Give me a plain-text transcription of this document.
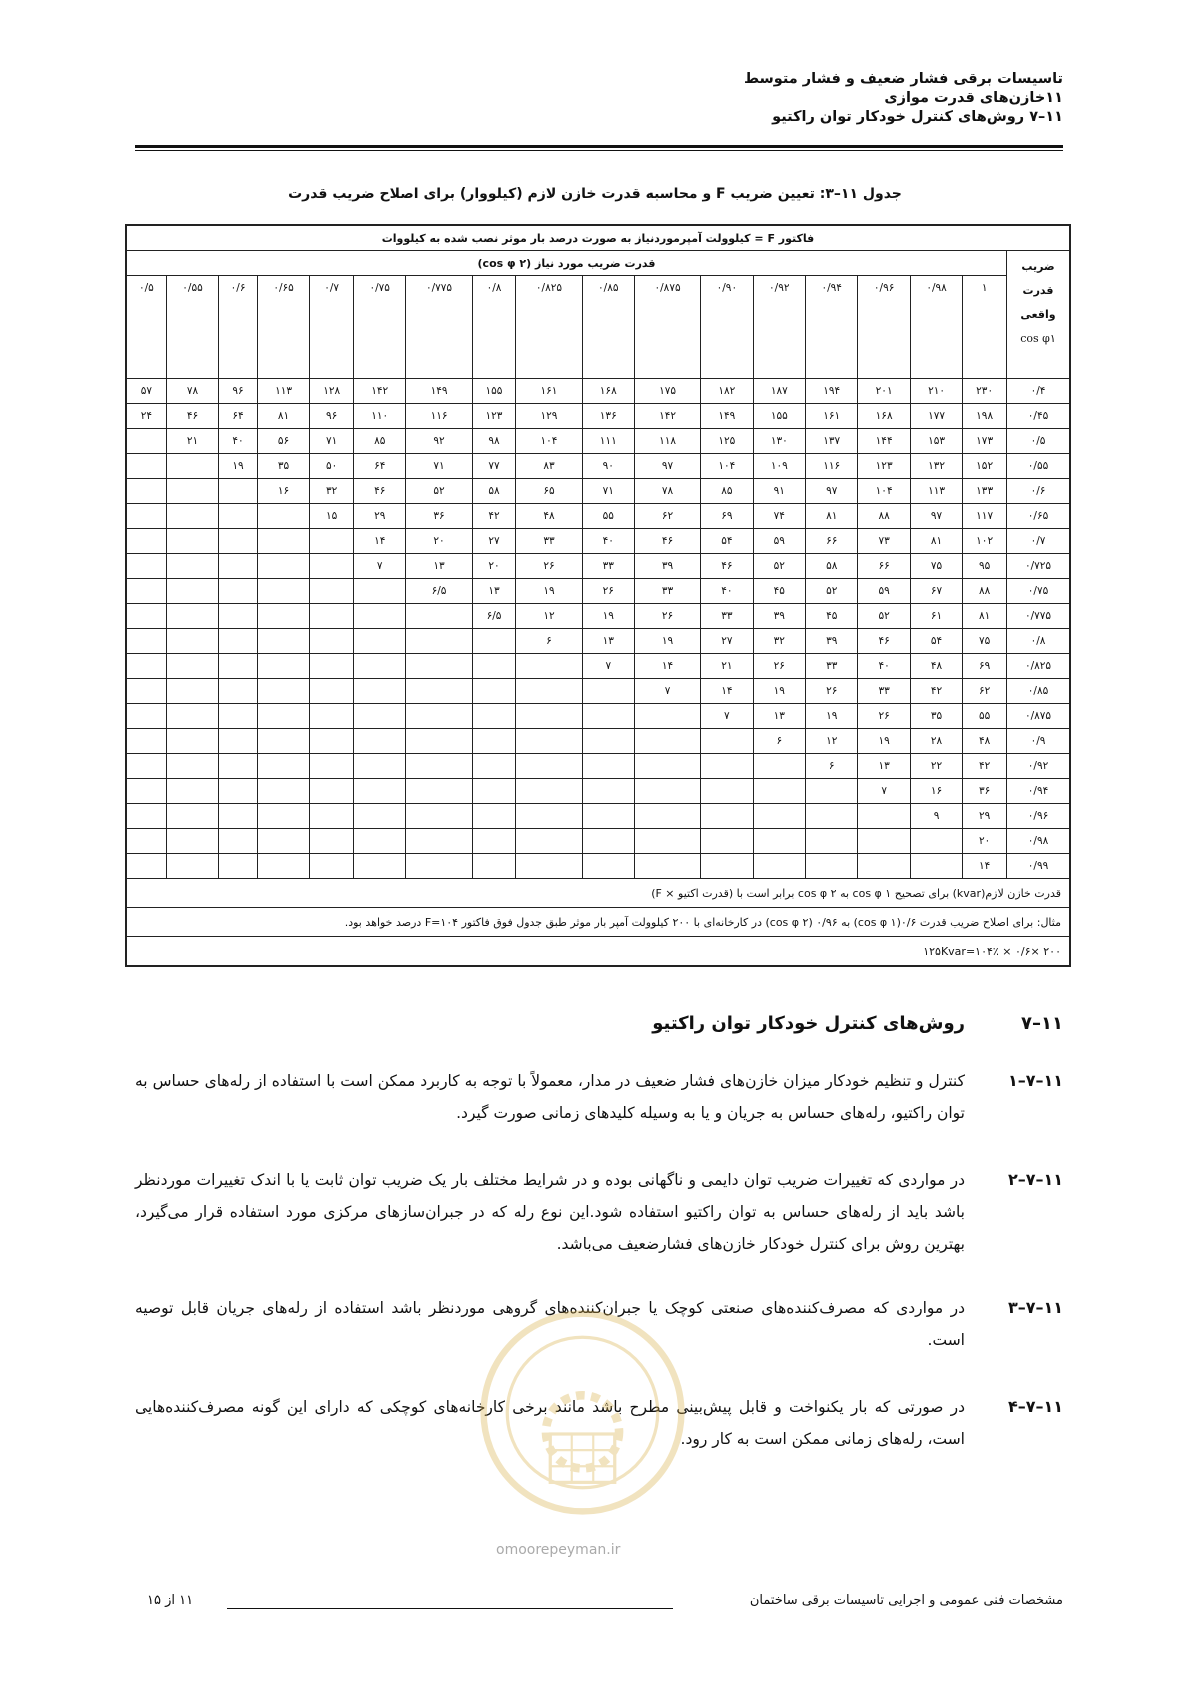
تاسیسات برقی فشار ضعیف و فشار متوسط
۱۱خازن‌های قدرت موازی
۱۱–۷ روش‌های کنترل خودکار توان راکتیو
جدول ۱۱–۳: تعیین ضریب F و محاسبه قدرت خازن لازم (کیلووار) برای اصلاح ضریب قدرت
فاکتور F = کیلوولت آمپرموردنیاز به صورت درصد بار موثر نصب شده به کیلووات																	

ضریب
قدرت
واقعی
cos φ۱	قدرت ضریب مورد نیاز (cos φ ۲)																
	۱	۰/۹۸	۰/۹۶	۰/۹۴	۰/۹۲	۰/۹۰	۰/۸۷۵	۰/۸۵	۰/۸۲۵	۰/۸	۰/۷۷۵	۰/۷۵	۰/۷	۰/۶۵	۰/۶	۰/۵۵	۰/۵
۰/۴	۲۳۰	۲۱۰	۲۰۱	۱۹۴	۱۸۷	۱۸۲	۱۷۵	۱۶۸	۱۶۱	۱۵۵	۱۴۹	۱۴۲	۱۲۸	۱۱۳	۹۶	۷۸	۵۷
۰/۴۵	۱۹۸	۱۷۷	۱۶۸	۱۶۱	۱۵۵	۱۴۹	۱۴۲	۱۳۶	۱۲۹	۱۲۳	۱۱۶	۱۱۰	۹۶	۸۱	۶۴	۴۶	۲۴
۰/۵	۱۷۳	۱۵۳	۱۴۴	۱۳۷	۱۳۰	۱۲۵	۱۱۸	۱۱۱	۱۰۴	۹۸	۹۲	۸۵	۷۱	۵۶	۴۰	۲۱	
۰/۵۵	۱۵۲	۱۳۲	۱۲۳	۱۱۶	۱۰۹	۱۰۴	۹۷	۹۰	۸۳	۷۷	۷۱	۶۴	۵۰	۳۵	۱۹		
۰/۶	۱۳۳	۱۱۳	۱۰۴	۹۷	۹۱	۸۵	۷۸	۷۱	۶۵	۵۸	۵۲	۴۶	۳۲	۱۶			
۰/۶۵	۱۱۷	۹۷	۸۸	۸۱	۷۴	۶۹	۶۲	۵۵	۴۸	۴۲	۳۶	۲۹	۱۵				
۰/۷	۱۰۲	۸۱	۷۳	۶۶	۵۹	۵۴	۴۶	۴۰	۳۳	۲۷	۲۰	۱۴					
۰/۷۲۵	۹۵	۷۵	۶۶	۵۸	۵۲	۴۶	۳۹	۳۳	۲۶	۲۰	۱۳	۷					
۰/۷۵	۸۸	۶۷	۵۹	۵۲	۴۵	۴۰	۳۳	۲۶	۱۹	۱۳	۶/۵						
۰/۷۷۵	۸۱	۶۱	۵۲	۴۵	۳۹	۳۳	۲۶	۱۹	۱۲	۶/۵							
۰/۸	۷۵	۵۴	۴۶	۳۹	۳۲	۲۷	۱۹	۱۳	۶								
۰/۸۲۵	۶۹	۴۸	۴۰	۳۳	۲۶	۲۱	۱۴	۷									
۰/۸۵	۶۲	۴۲	۳۳	۲۶	۱۹	۱۴	۷										
۰/۸۷۵	۵۵	۳۵	۲۶	۱۹	۱۳	۷											
۰/۹	۴۸	۲۸	۱۹	۱۲	۶												
۰/۹۲	۴۲	۲۲	۱۳	۶													
۰/۹۴	۳۶	۱۶	۷														
۰/۹۶	۲۹	۹															
۰/۹۸	۲۰																
۰/۹۹	۱۴																
قدرت خازن لازم(kvar) برای تصحیح cos φ ۱ به cos φ ۲ برابر است با (قدرت اکتیو × F)																	
مثال: برای اصلاح ضریب قدرت ۰/۶(cos φ ۱) به ۰/۹۶ (cos φ ۲) در کارخانه‌ای با ۲۰۰ کیلوولت آمپر بار موثر طبق جدول فوق فاکتور F=۱۰۴ درصد خواهد بود.																	
۲۰۰ ×۰/۶ × ۱۰۴٪=۱۲۵Kvar																	
۱۱–۷
روش‌های کنترل خودکار توان راکتیو
۱۱–۷–۱
کنترل و تنظیم خودکار میزان خازن‌های فشار ضعیف در مدار، معمولاً با توجه به کاربرد ممکن است با استفاده از رله‌های حساس به توان راکتیو، رله‌های حساس به جریان و یا به وسیله کلیدهای زمانی صورت گیرد.
۱۱–۷–۲
در مواردی که تغییرات ضریب توان دایمی و ناگهانی بوده و در شرایط مختلف بار یک ضریب توان ثابت یا با اندک تغییرات مورد‌نظر باشد باید از رله‌های حساس به توان راکتیو استفاده شود.این نوع رله که در جبران‌سازهای مرکزی مورد استفاده قرار می‌گیرد، بهترین روش برای کنترل خودکار خازن‌های فشارضعیف می‌باشد.
۱۱–۷–۳
در مواردی که مصرف‌کننده‌های صنعتی کوچک یا جبران‌کننده‌های گروهی مورد‌نظر باشد استفاده از رله‌های جریان قابل توصیه است.
۱۱–۷–۴
در صورتی که بار یکنواخت و قابل پیش‌بینی مطرح باشد مانند برخی کارخانه‌های کوچکی که دارای این گونه مصرف‌کننده‌هایی است، رله‌های زمانی ممکن است به کار رود.
omoorepeyman.ir
مشخصات فنی عمومی و اجرایی تاسیسات برقی ساختمان
۱۱ از ۱۵
